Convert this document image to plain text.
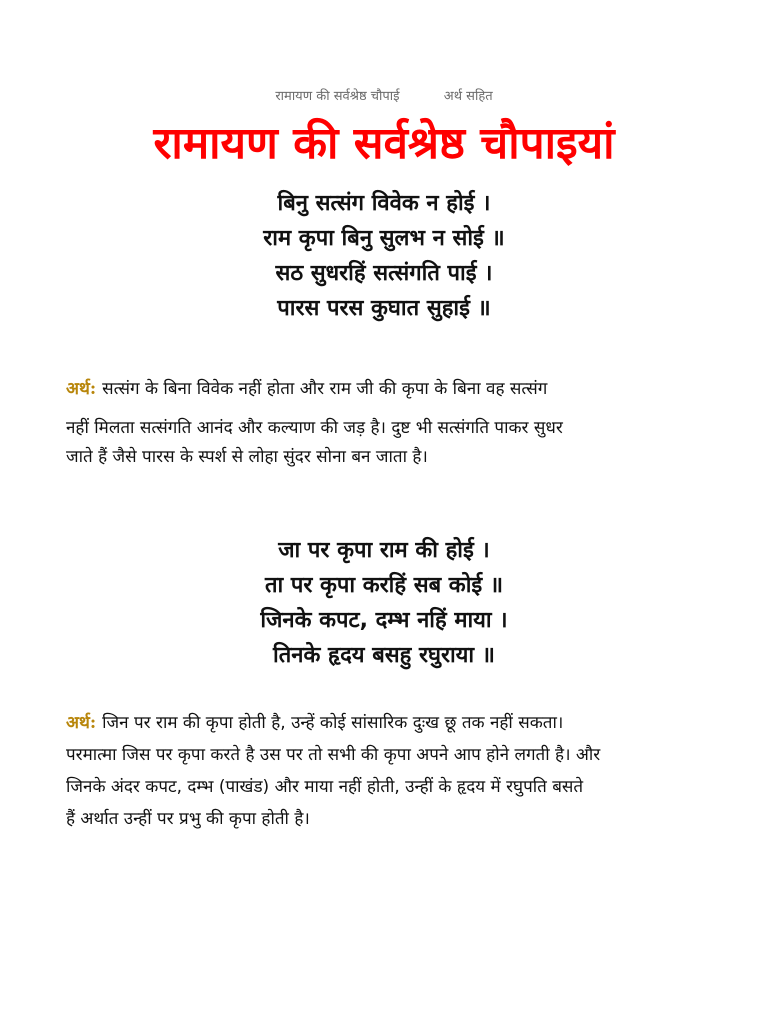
रामायण की सर्वश्रेष्ठ चौपाई	अर्थ सहित
रामायण की सर्वश्रेष्ठ चौपाइयां
बिनु सत्संग विवेक न होई ।
राम कृपा बिनु सुलभ न सोई ॥
सठ सुधरहिं सत्संगति पाई ।
पारस परस कुघात सुहाई ॥
अर्थ: सत्संग के बिना विवेक नहीं होता और राम जी की कृपा के बिना वह सत्संग
नहीं मिलता सत्संगति आनंद और कल्याण की जड़ है। दुष्ट भी सत्संगति पाकर सुधर
जाते हैं जैसे पारस के स्पर्श से लोहा सुंदर सोना बन जाता है।
जा पर कृपा राम की होई ।
ता पर कृपा करहिं सब कोई ॥
जिनके कपट, दम्भ नहिं माया ।
तिनके हृदय बसहु रघुराया ॥
अर्थ: जिन पर राम की कृपा होती है, उन्हें कोई सांसारिक दुःख छू तक नहीं सकता।
परमात्मा जिस पर कृपा करते है उस पर तो सभी की कृपा अपने आप होने लगती है। और
जिनके अंदर कपट, दम्भ (पाखंड) और माया नहीं होती, उन्हीं के हृदय में रघुपति बसते
हैं अर्थात उन्हीं पर प्रभु की कृपा होती है।
